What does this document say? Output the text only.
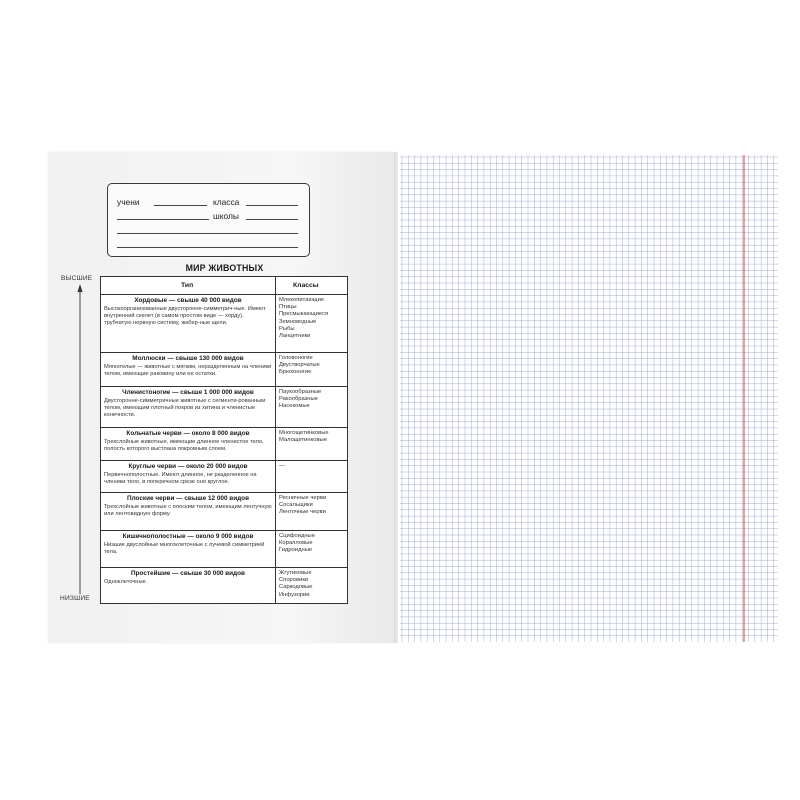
учени	класса
школы
МИР ЖИВОТНЫХ
ВЫСШИЕ
НИЗШИЕ
Тип	Классы
Хордовые — свыше 40 000 видов
Высокоорганизованные двусторонне-симметрич-ные. Имеют внутренний скелет (в самом простом виде — хорду), трубчатую нервную систему, жабер-ные щели.
Млекопитающие
Птицы
Пресмыкающиеся
Земноводные
Рыбы
Ланцетники
Моллюски — свыше 130 000 видов
Мягкотелые — животные с мягким, неразделенным на членики телом, имеющие раковину или ее остатки.
Головоногие
Двустворчатые
Брюхоногие
Членистоногие — свыше 1 000 000 видов
Двусторонне-симметричные животные с сегменти-рованным телом, имеющим плотный покров из хитина и членистые конечности.
Паукообразные
Ракообразные
Насекомые
Кольчатые черви — около 8 000 видов
Трехслойные животные, имеющие длинное членистое тело, полость которого выстлана покровным слоем.
Многощетинковые
Малощетинковые
Круглые черви — около 20 000 видов
Первичнополостные. Имеют длинное, не разделенное на членики тело, в поперечном срезе оно круглое.
—
Плоские черви — свыше 12 000 видов
Трехслойные животные с плоским телом, имеющим лентучную или лентовидную форму.
Ресничные черви
Сосальщики
Ленточные черви
Кишечнополостные — около 9 000 видов
Низшие двуслойные многоклеточные с лучевой симметрией тела.
Сцифоидные
Коралловые
Гидроидные
Простейшие — свыше 30 000 видов
Одноклеточные.
Жгутиковые
Споровики
Саркодовые
Инфузории
